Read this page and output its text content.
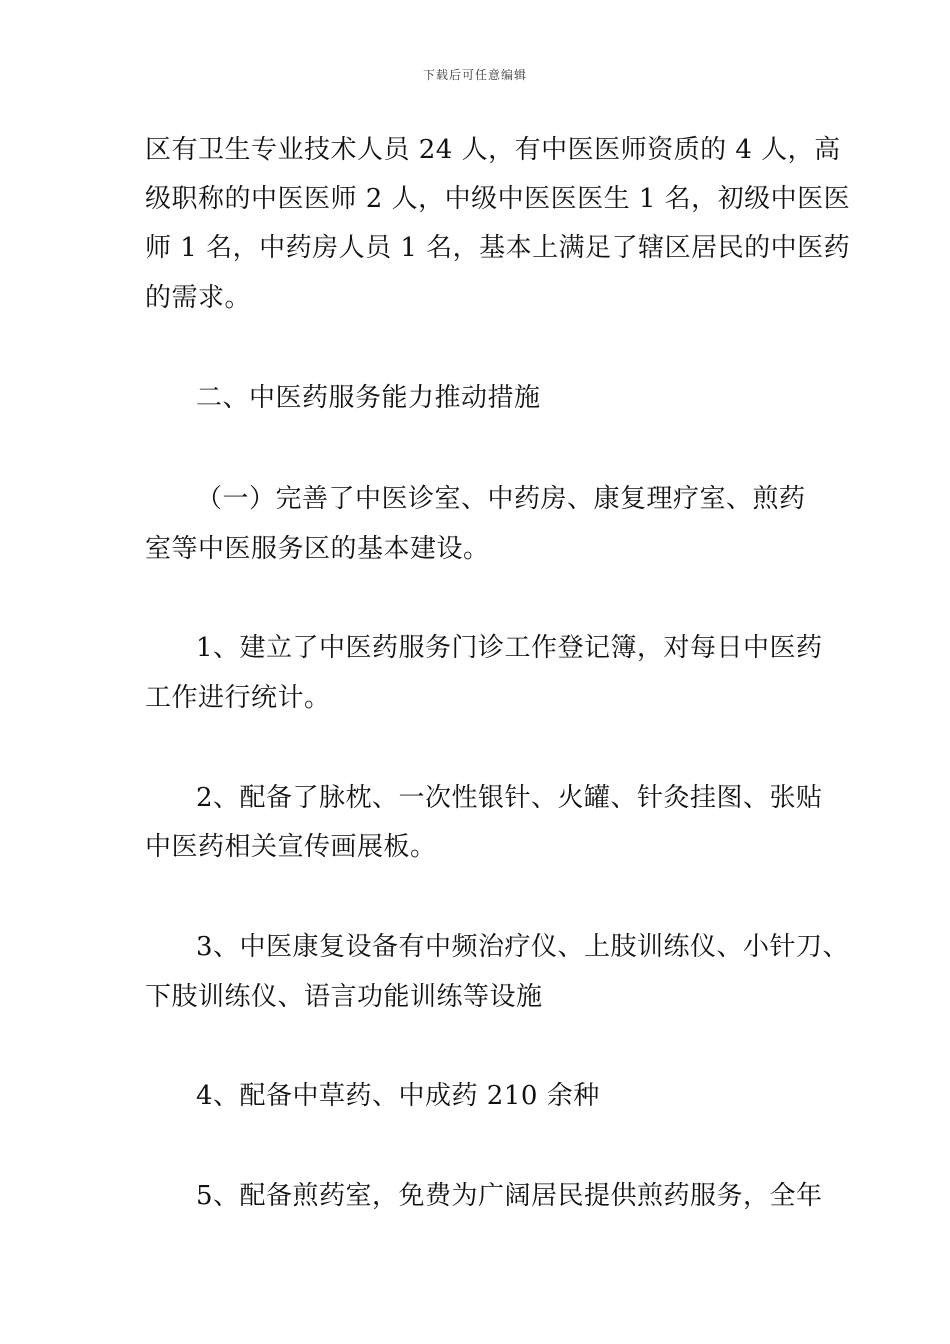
下载后可任意编辑
区有卫生专业技术人员 24 人，有中医医师资质的 4 人，高
级职称的中医医师 2 人，中级中医医医生 1 名，初级中医医
师 1 名，中药房人员 1 名，基本上满足了辖区居民的中医药
的需求。
二、中医药服务能力推动措施
（一）完善了中医诊室、中药房、康复理疗室、煎药
室等中医服务区的基本建设。
1、建立了中医药服务门诊工作登记簿，对每日中医药
工作进行统计。
2、配备了脉枕、一次性银针、火罐、针灸挂图、张贴
中医药相关宣传画展板。
3、中医康复设备有中频治疗仪、上肢训练仪、小针刀、
下肢训练仪、语言功能训练等设施
4、配备中草药、中成药 210 余种
5、配备煎药室，免费为广阔居民提供煎药服务，全年
